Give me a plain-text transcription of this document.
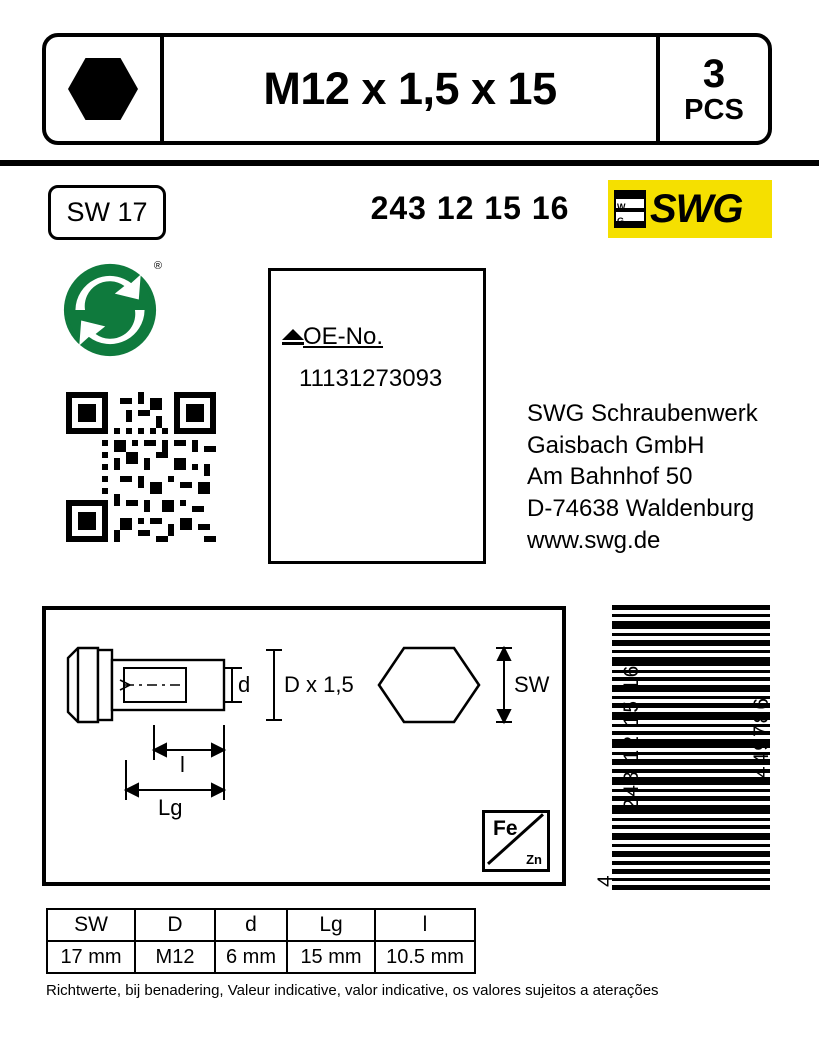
M12 x 1,5 x 15	3
PCS
SW 17	243 12 15 16	S
W
G SWG
®
OE-No.
11131273093
SWG Schraubenwerk
Gaisbach GmbH
Am Bahnhof 50
D-74638 Waldenburg
www.swg.de
d D x 1,5	SW
l
Lg
Fe
Zn
243 12 15 16	449786
4
SW	D	d	Lg	l
17 mm	M12	6 mm	15 mm	10.5 mm
Richtwerte, bij benadering, Valeur indicative, valor indicative, os valores sujeitos a aterações
